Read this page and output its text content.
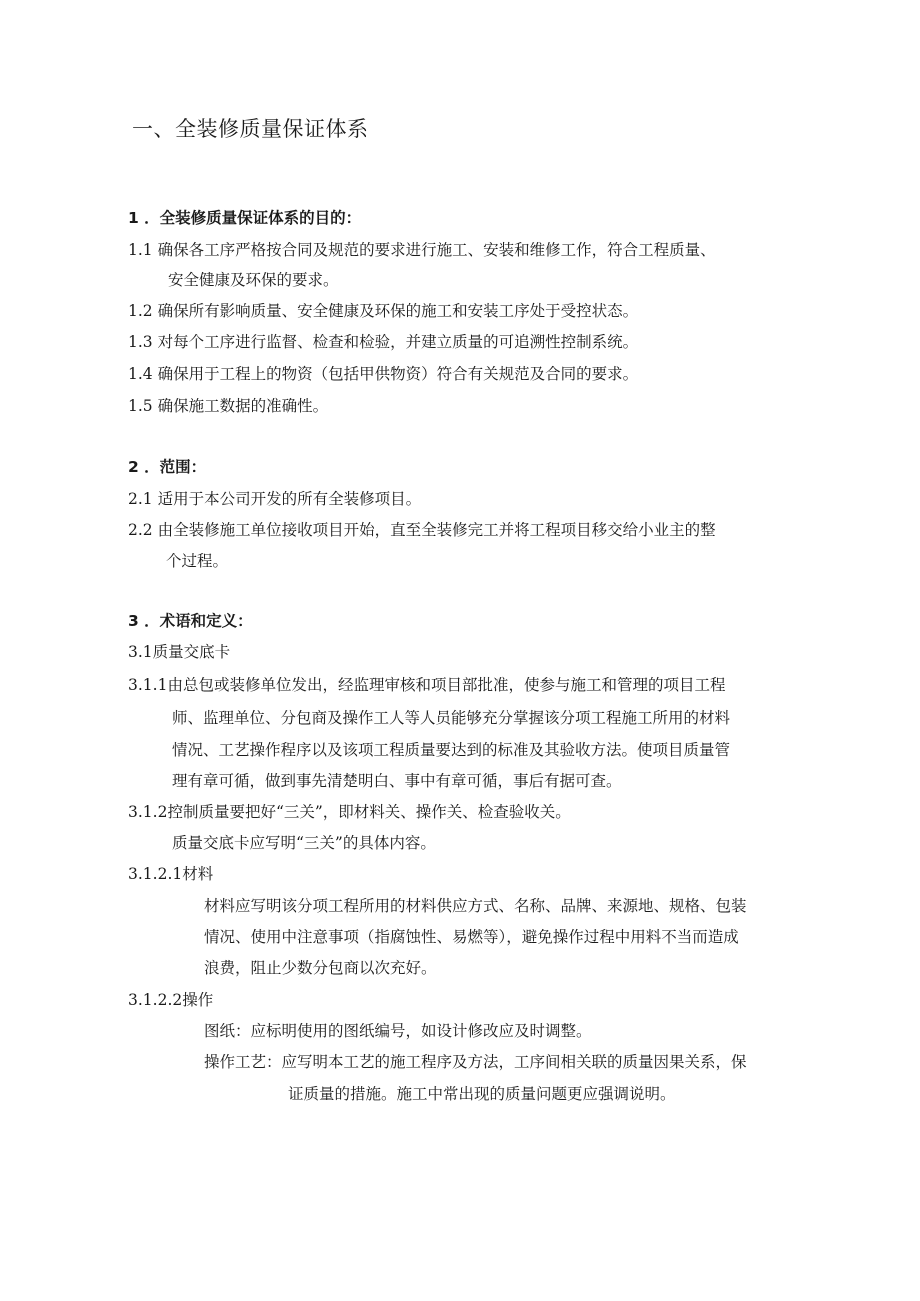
一、全装修质量保证体系
1 ．全装修质量保证体系的目的：
1.1 确保各工序严格按合同及规范的要求进行施工、安装和维修工作，符合工程质量、
安全健康及环保的要求。
1.2 确保所有影响质量、安全健康及环保的施工和安装工序处于受控状态。
1.3 对每个工序进行监督、检查和检验，并建立质量的可追溯性控制系统。
1.4 确保用于工程上的物资（包括甲供物资）符合有关规范及合同的要求。
1.5 确保施工数据的准确性。
2 ．范围：
2.1 适用于本公司开发的所有全装修项目。
2.2 由全装修施工单位接收项目开始，直至全装修完工并将工程项目移交给小业主的整
个过程。
3 ．术语和定义：
3.1质量交底卡
3.1.1由总包或装修单位发出，经监理审核和项目部批准，使参与施工和管理的项目工程
师、监理单位、分包商及操作工人等人员能够充分掌握该分项工程施工所用的材料
情况、工艺操作程序以及该项工程质量要达到的标准及其验收方法。使项目质量管
理有章可循，做到事先清楚明白、事中有章可循，事后有据可查。
3.1.2控制质量要把好“三关”，即材料关、操作关、检查验收关。
质量交底卡应写明“三关”的具体内容。
3.1.2.1材料
材料应写明该分项工程所用的材料供应方式、名称、品牌、来源地、规格、包装
情况、使用中注意事项（指腐蚀性、易燃等），避免操作过程中用料不当而造成
浪费，阻止少数分包商以次充好。
3.1.2.2操作
图纸：应标明使用的图纸编号，如设计修改应及时调整。
操作工艺：应写明本工艺的施工程序及方法，工序间相关联的质量因果关系，保
证质量的措施。施工中常出现的质量问题更应强调说明。
